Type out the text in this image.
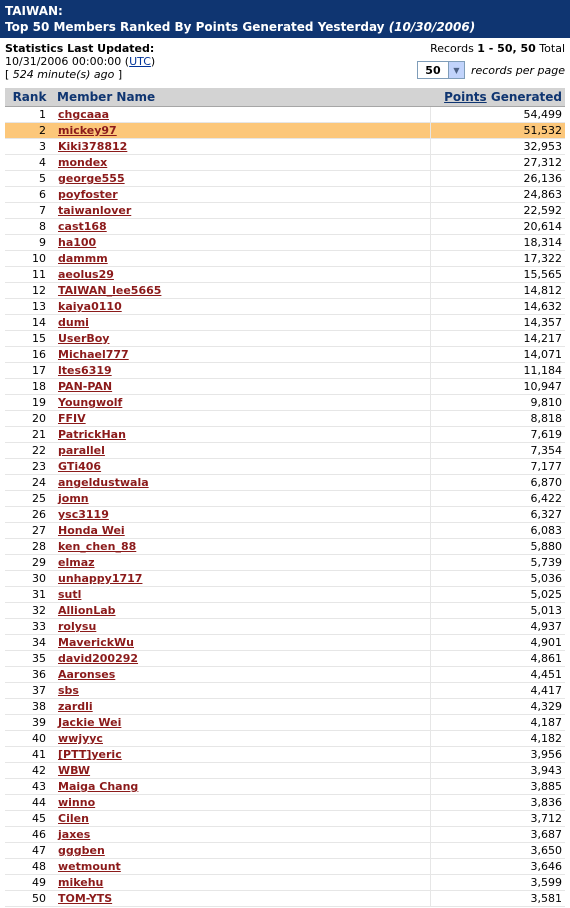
TAIWAN:
Top 50 Members Ranked By Points Generated Yesterday (10/30/2006)
Statistics Last Updated:
10/31/2006 00:00:00 (UTC)
[ 524 minute(s) ago ]
Records 1 - 50, 50 Total
50	▼	records per page
Rank	Member Name	Points Generated
1	chgcaaa	54,499
2	mickey97	51,532
3	Kiki378812	32,953
4	mondex	27,312
5	george555	26,136
6	poyfoster	24,863
7	taiwanlover	22,592
8	cast168	20,614
9	ha100	18,314
10	dammm	17,322
11	aeolus29	15,565
12	TAIWAN_lee5665	14,812
13	kaiya0110	14,632
14	dumi	14,357
15	UserBoy	14,217
16	Michael777	14,071
17	ltes6319	11,184
18	PAN-PAN	10,947
19	Youngwolf	9,810
20	FFIV	8,818
21	PatrickHan	7,619
22	parallel	7,354
23	GTi406	7,177
24	angeldustwala	6,870
25	jomn	6,422
26	ysc3119	6,327
27	Honda Wei	6,083
28	ken_chen_88	5,880
29	elmaz	5,739
30	unhappy1717	5,036
31	sutl	5,025
32	AllionLab	5,013
33	rolysu	4,937
34	MaverickWu	4,901
35	david200292	4,861
36	Aaronses	4,451
37	sbs	4,417
38	zardli	4,329
39	Jackie Wei	4,187
40	wwjyyc	4,182
41	[PTT]yeric	3,956
42	WBW	3,943
43	Maiga Chang	3,885
44	winno	3,836
45	Cilen	3,712
46	jaxes	3,687
47	gggben	3,650
48	wetmount	3,646
49	mikehu	3,599
50	TOM-YTS	3,581
